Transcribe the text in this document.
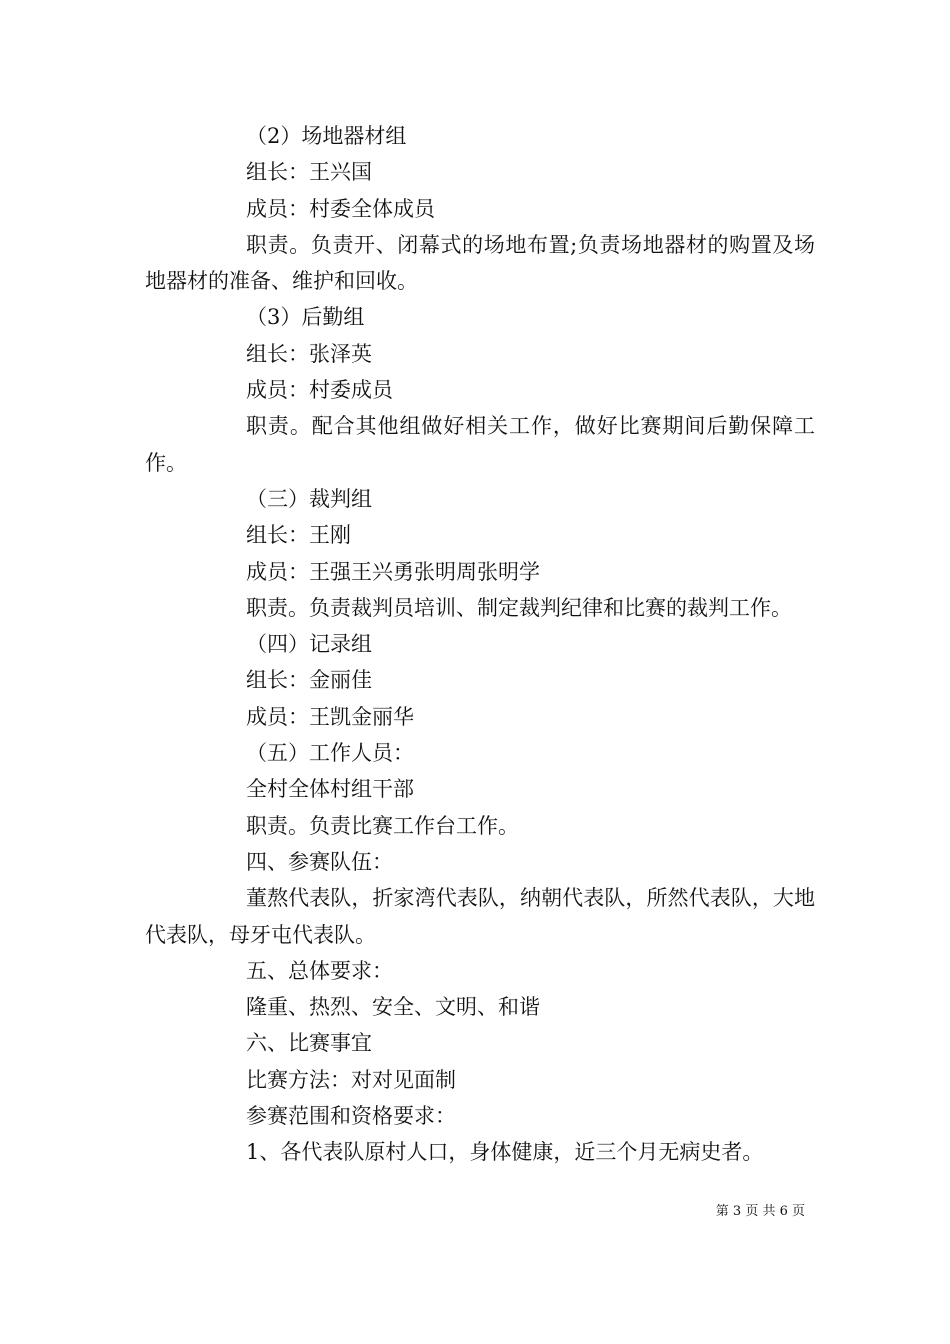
（2）场地器材组

组长：王兴国

成员：村委全体成员

职责。负责开、闭幕式的场地布置;负责场地器材的购置及场地器材的准备、维护和回收。

（3）后勤组

组长：张泽英

成员：村委成员

职责。配合其他组做好相关工作，做好比赛期间后勤保障工作。

（三）裁判组

组长：王刚

成员：王强王兴勇张明周张明学

职责。负责裁判员培训、制定裁判纪律和比赛的裁判工作。

（四）记录组

组长：金丽佳

成员：王凯金丽华

（五）工作人员：

全村全体村组干部

职责。负责比赛工作台工作。

四、参赛队伍：

董熬代表队，折家湾代表队，纳朝代表队，所然代表队，大地代表队，母牙屯代表队。

五、总体要求：

隆重、热烈、安全、文明、和谐

六、比赛事宜

比赛方法：对对见面制

参赛范围和资格要求：

1、各代表队原村人口，身体健康，近三个月无病史者。

第 3 页 共 6 页
